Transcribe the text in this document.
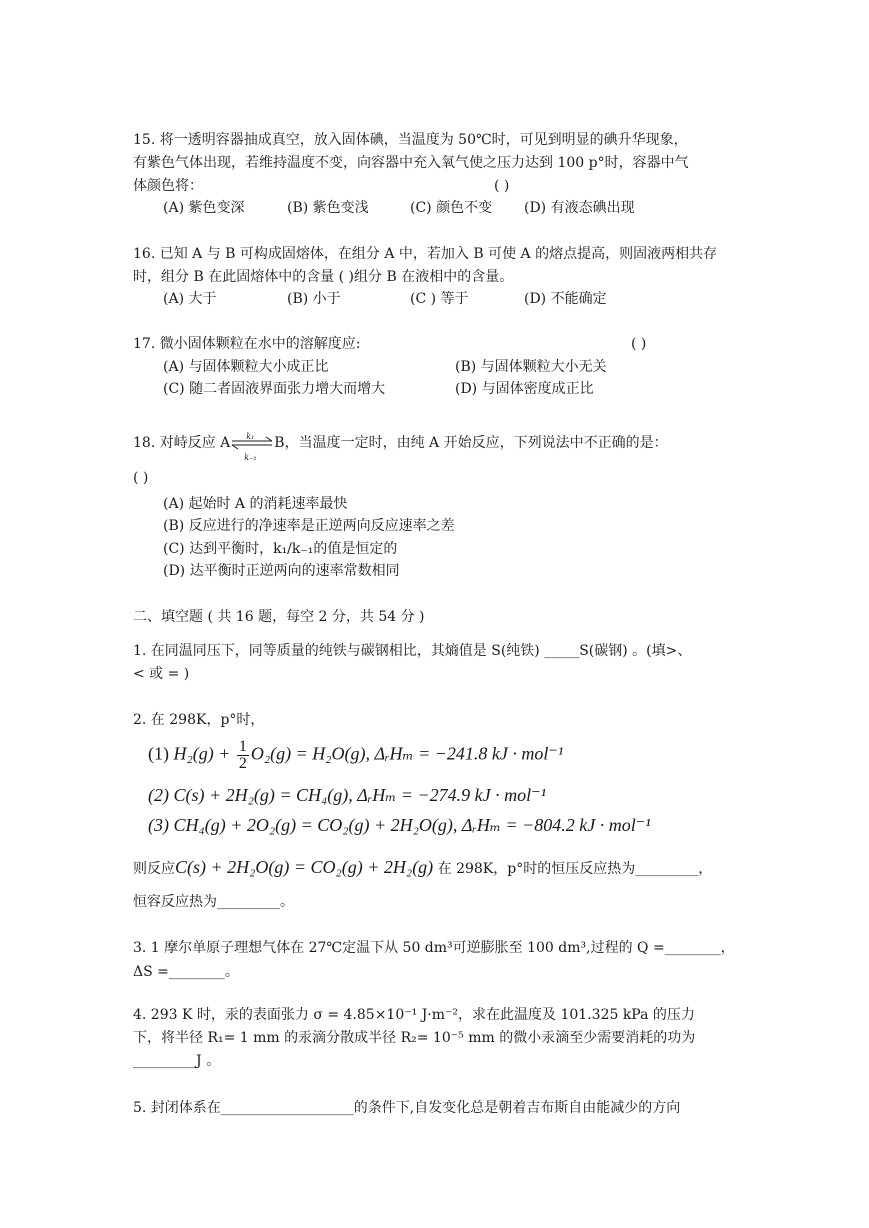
15. 将一透明容器抽成真空，放入固体碘，当温度为 50℃时，可见到明显的碘升华现象，
有紫色气体出现，若维持温度不变，向容器中充入氧气使之压力达到 100 p°时，容器中气
体颜色将：	( )
(A) 紫色变深	(B) 紫色变浅	(C) 颜色不变 (D) 有液态碘出现
16. 已知 A 与 B 可构成固熔体，在组分 A 中，若加入 B 可使 A 的熔点提高，则固液两相共存
时，组分 B 在此固熔体中的含量 ( )组分 B 在液相中的含量。
(A) 大于	(B) 小于	(C ) 等于	(D) 不能确定
17. 微小固体颗粒在水中的溶解度应:	( )
(A) 与固体颗粒大小成正比	(B) 与固体颗粒大小无关
(C) 随二者固液界面张力增大而增大	(D) 与固体密度成正比
18. 对峙反应 A k₁
k₋₁
B，当温度一定时，由纯 A 开始反应，下列说法中不正确的是：
( )
(A) 起始时 A 的消耗速率最快
(B) 反应进行的净速率是正逆两向反应速率之差
(C) 达到平衡时，k₁/k₋₁的值是恒定的
(D) 达平衡时正逆两向的速率常数相同
二、填空题 ( 共 16 题，每空 2 分，共 54 分 )
1. 在同温同压下，同等质量的纯铁与碳钢相比，其熵值是 S(纯铁) _____S(碳钢) 。(填>、
< 或 = )
2. 在 298K，p°时，
(1) $H_2(g) + \frac{1}{2} O_2(g) = H_2O(g)$, ΔᵣHₘ = −241.8 kJ · mol⁻¹
(2) C(s) + 2H₂(g) = CH₄(g), ΔᵣHₘ = −274.9 kJ · mol⁻¹
(3) CH₄(g) + 2O₂(g) = CO₂(g) + 2H₂O(g), ΔᵣHₘ = −804.2 kJ · mol⁻¹
则反应C(s) + 2H₂O(g) = CO₂(g) + 2H₂(g) 在 298K，p°时的恒压反应热为_________，
恒容反应热为_________。
3. 1 摩尔单原子理想气体在 27℃定温下从 50 dm³可逆膨胀至 100 dm³,过程的 Q =________，
ΔS =________。
4. 293 K 时，汞的表面张力 σ = 4.85×10⁻¹ J·m⁻²，求在此温度及 101.325 kPa 的压力
下，将半径 R₁= 1 mm 的汞滴分散成半径 R₂= 10⁻⁵ mm 的微小汞滴至少需要消耗的功为
_________J 。
5. 封闭体系在___________________的条件下,自发变化总是朝着吉布斯自由能减少的方向
